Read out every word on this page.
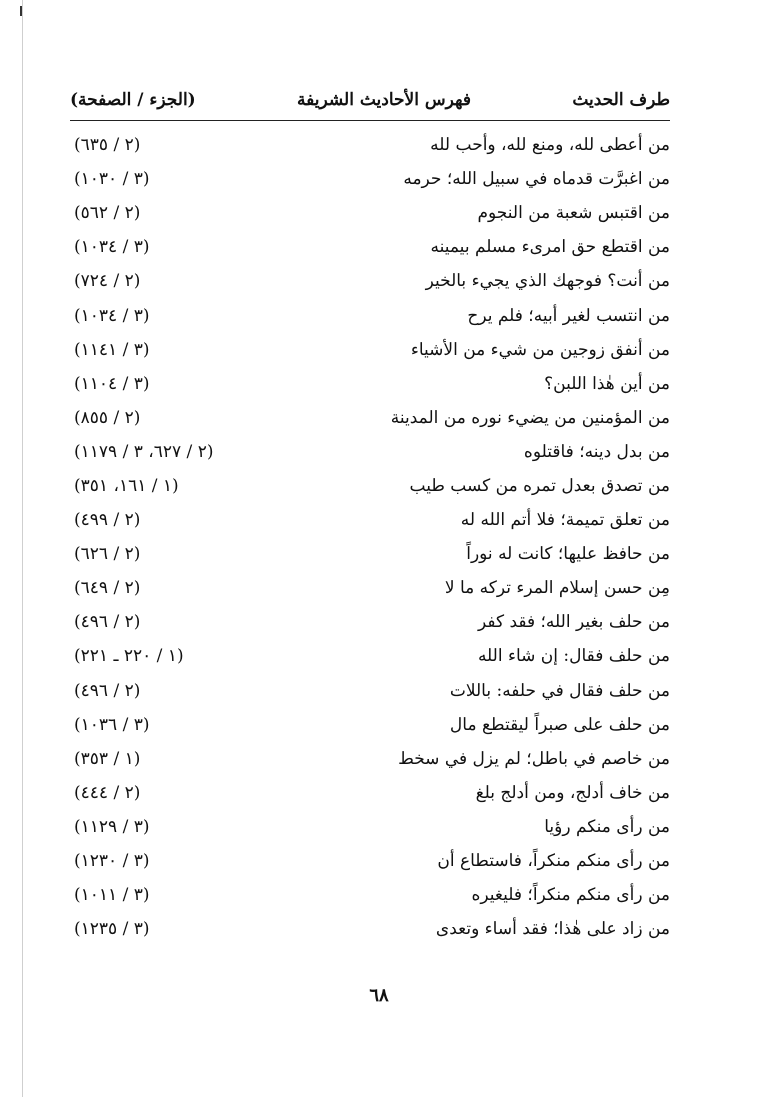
طرف الحديث
فهرس الأحاديث الشريفة
(الجزء / الصفحة)
من أعطى لله، ومنع لله، وأحب لله
(٢ / ٦٣٥)
من اغبرَّت قدماه في سبيل الله؛ حرمه
(٣ / ١٠٣٠)
من اقتبس شعبة من النجوم
(٢ / ٥٦٢)
من اقتطع حق امرىء مسلم بيمينه
(٣ / ١٠٣٤)
من أنت؟ فوجهك الذي يجيء بالخير
(٢ / ٧٢٤)
من انتسب لغير أبيه؛ فلم يرح
(٣ / ١٠٣٤)
من أنفق زوجين من شيء من الأشياء
(٣ / ١١٤١)
من أين هٰذا اللبن؟
(٣ / ١١٠٤)
من المؤمنين من يضيء نوره من المدينة
(٢ / ٨٥٥)
من بدل دينه؛ فاقتلوه
(٢ / ٦٢٧، ٣ / ١١٧٩)
من تصدق بعدل تمره من كسب طيب
(١ / ١٦١، ٣٥١)
من تعلق تميمة؛ فلا أتم الله له
(٢ / ٤٩٩)
من حافظ عليها؛ كانت له نوراً
(٢ / ٦٢٦)
مِن حسن إسلام المرء تركه ما لا
(٢ / ٦٤٩)
من حلف بغير الله؛ فقد كفر
(٢ / ٤٩٦)
من حلف فقال: إن شاء الله
(١ / ٢٢٠ ـ ٢٢١)
من حلف فقال في حلفه: باللات
(٢ / ٤٩٦)
من حلف على صبراً ليقتطع مال
(٣ / ١٠٣٦)
من خاصم في باطل؛ لم يزل في سخط
(١ / ٣٥٣)
من خاف أدلج، ومن أدلج بلغ
(٢ / ٤٤٤)
من رأى منكم رؤيا
(٣ / ١١٢٩)
من رأى منكم منكراً، فاستطاع أن
(٣ / ١٢٣٠)
من رأى منكم منكراً؛ فليغيره
(٣ / ١٠١١)
من زاد على هٰذا؛ فقد أساء وتعدى
(٣ / ١٢٣٥)
٦٨
